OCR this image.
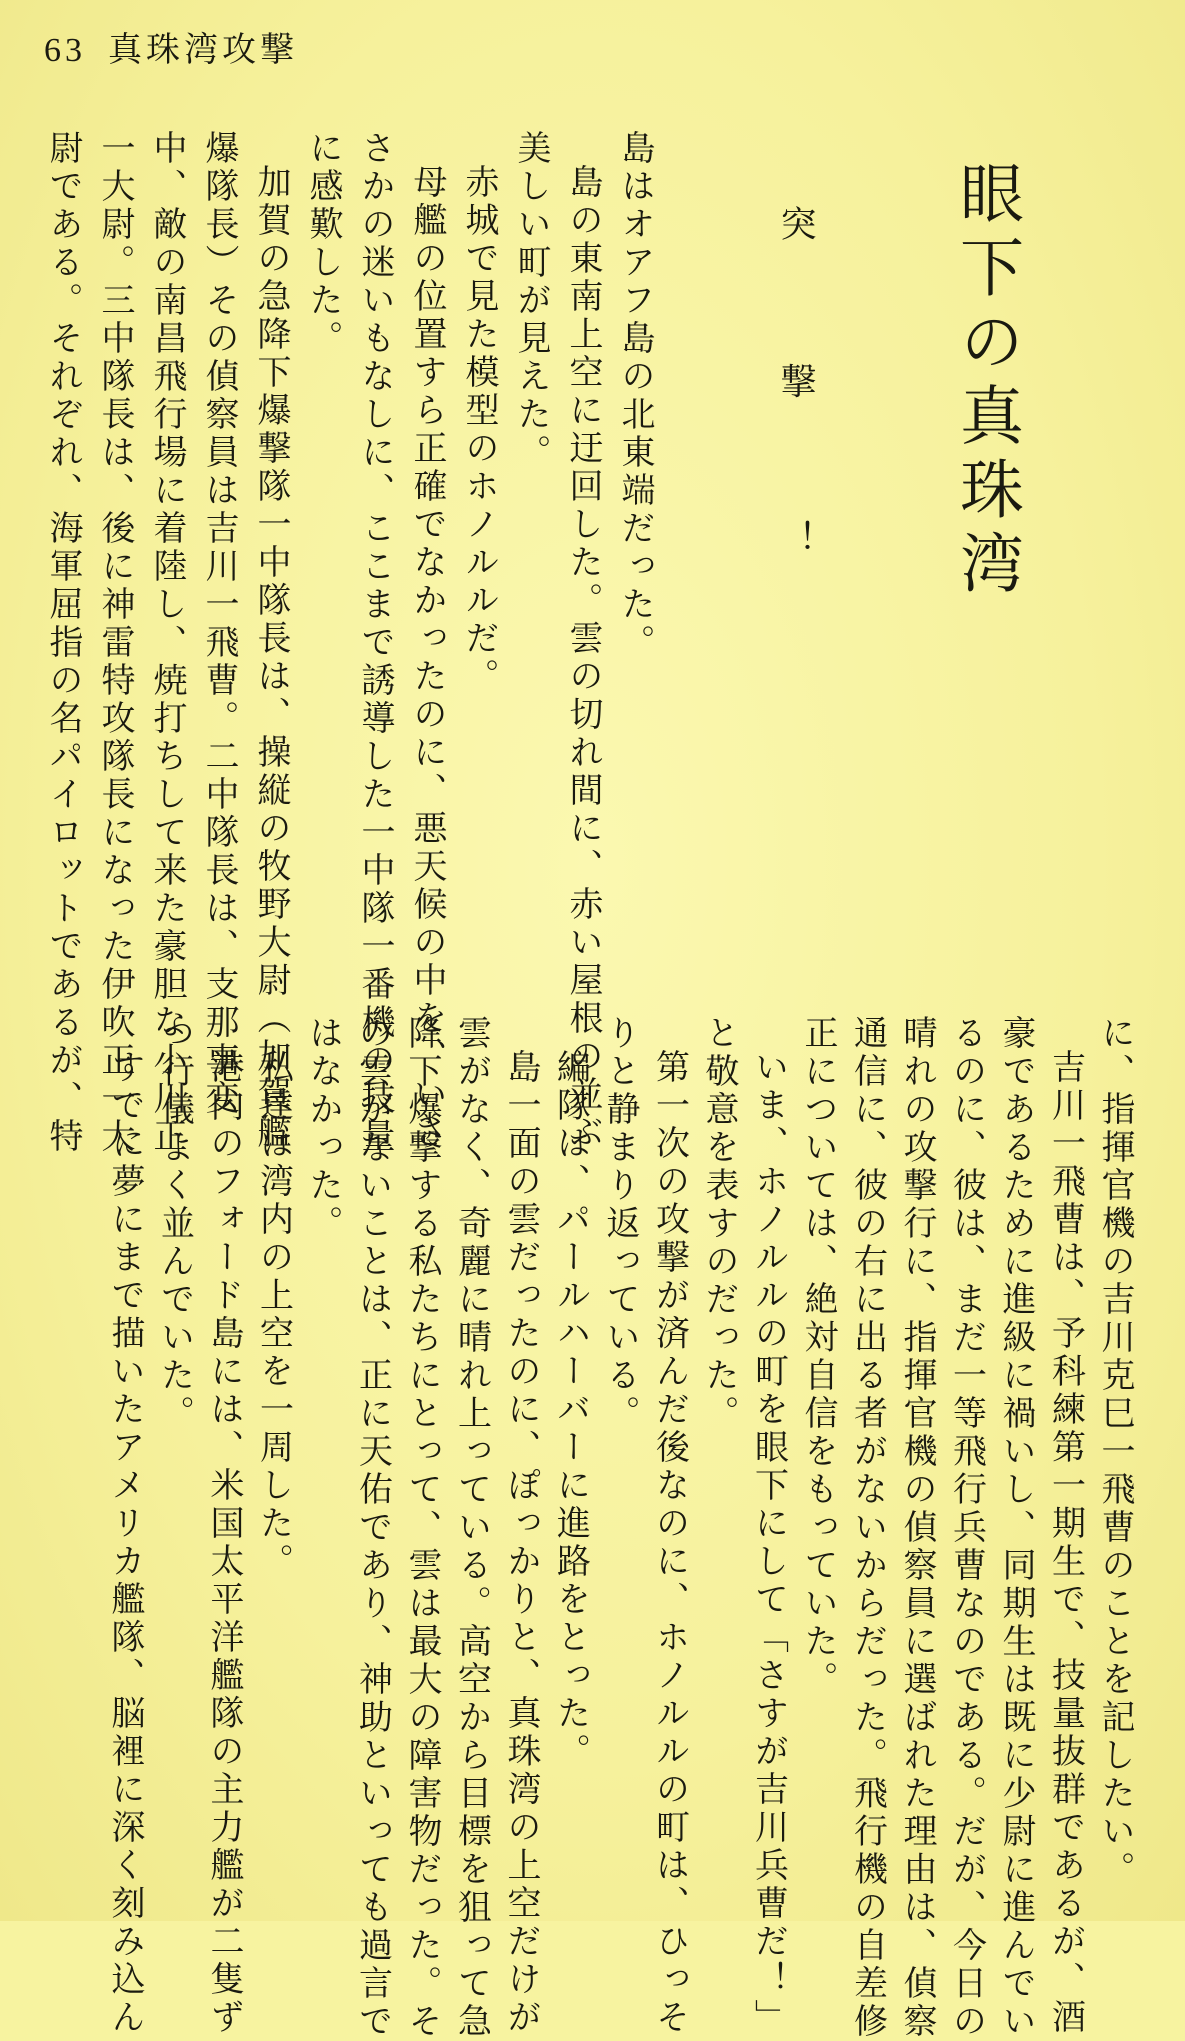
63 真珠湾攻撃
眼下の真珠湾
突 撃 ！
島はオアフ島の北東端だった。
島の東南上空に迂回した。雲の切れ間に、赤い屋根の並ぶ
美しい町が見えた。
赤城で見た模型のホノルルだ。
母艦の位置すら正確でなかったのに、悪天候の中を、いさ
さかの迷いもなしに、ここまで誘導した一中隊一番機の技量
に感歎した。
加賀の急降下爆撃隊一中隊長は、操縦の牧野大尉（加賀艦
爆隊長）その偵察員は吉川一飛曹。二中隊長は、支那事変
中、敵の南昌飛行場に着陸し、焼打ちして来た豪胆な小川正
一大尉。三中隊長は、後に神雷特攻隊長になった伊吹正一大
尉である。それぞれ、海軍屈指の名パイロットであるが、特
に、指揮官機の吉川克巳一飛曹のことを記したい。
吉川一飛曹は、予科練第一期生で、技量抜群であるが、酒
豪であるために進級に禍いし、同期生は既に少尉に進んでい
るのに、彼は、まだ一等飛行兵曹なのである。だが、今日の
晴れの攻撃行に、指揮官機の偵察員に選ばれた理由は、偵察
通信に、彼の右に出る者がないからだった。飛行機の自差修
正については、絶対自信をもっていた。
いま、ホノルルの町を眼下にして「さすが吉川兵曹だ！」
と敬意を表すのだった。
第一次の攻撃が済んだ後なのに、ホノルルの町は、ひっそ
りと静まり返っている。
編隊は、パールハーバーに進路をとった。
島一面の雲だったのに、ぽっかりと、真珠湾の上空だけが
雲がなく、奇麗に晴れ上っている。高空から目標を狙って急
降下爆撃する私たちにとって、雲は最大の障害物だった。そ
の雲がないことは、正に天佑であり、神助といっても過言で
はなかった。
私達は湾内の上空を一周した。
港内のフォード島には、米国太平洋艦隊の主力艦が二隻ず
つ行儀よく並んでいた。
すでに夢にまで描いたアメリカ艦隊、脳裡に深く刻み込ん
